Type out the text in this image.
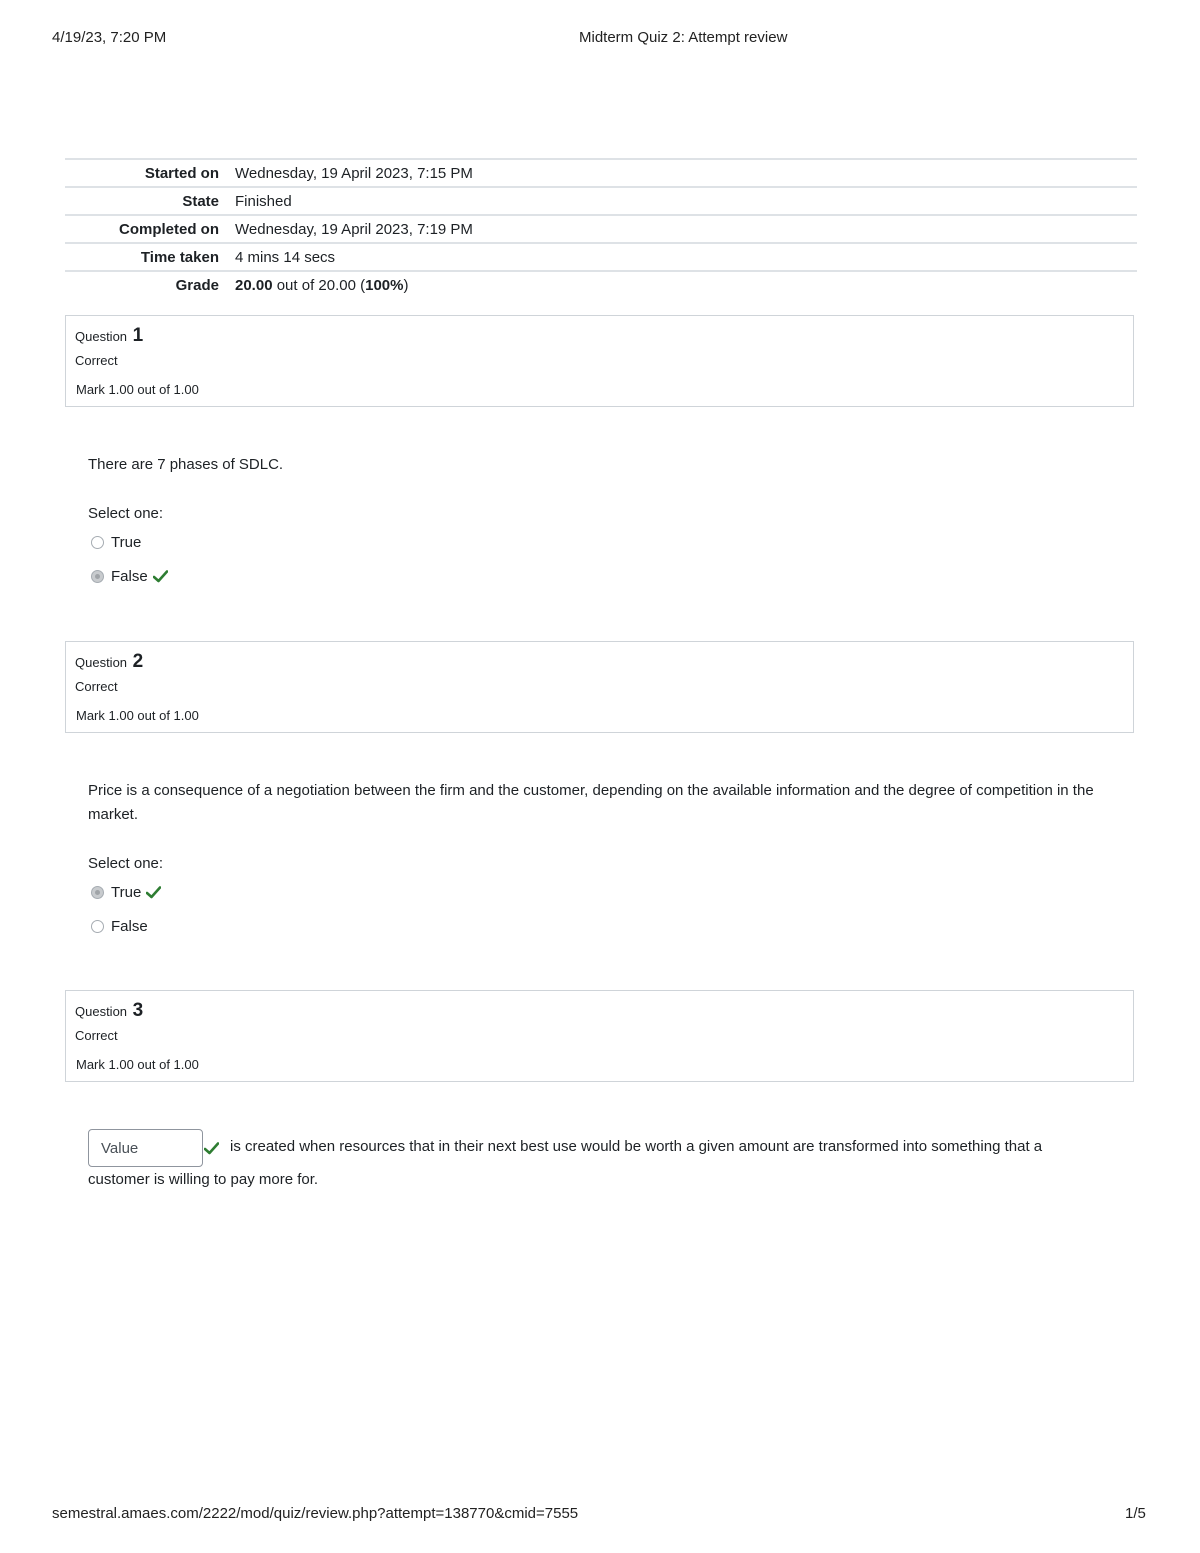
4/19/23, 7:20 PM	Midterm Quiz 2: Attempt review
Started on	Wednesday, 19 April 2023, 7:15 PM
State	Finished
Completed on	Wednesday, 19 April 2023, 7:19 PM
Time taken	4 mins 14 secs
Grade	20.00 out of 20.00 (100%)
Question 1
Correct
Mark 1.00 out of 1.00
There are 7 phases of SDLC.
Select one:
True
False
Question 2
Correct
Mark 1.00 out of 1.00
Price is a consequence of a negotiation between the firm and the customer, depending on the available information and the degree of competition in the market.
Select one:
True
False
Question 3
Correct
Mark 1.00 out of 1.00
Value	is created when resources that in their next best use would be worth a given amount are transformed into something that a
customer is willing to pay more for.
semestral.amaes.com/2222/mod/quiz/review.php?attempt=138770&cmid=7555	1/5
